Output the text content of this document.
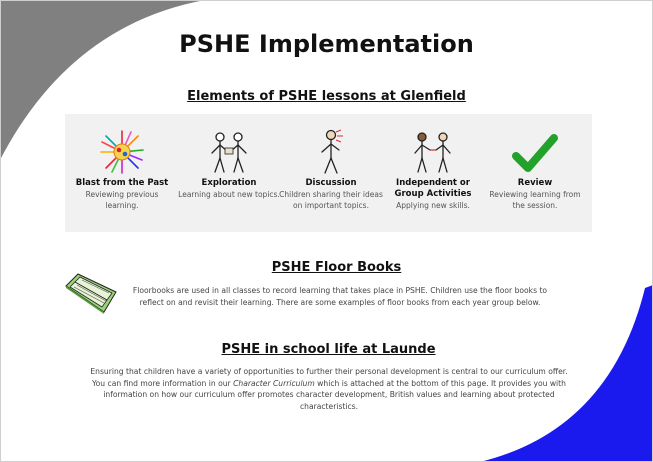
PSHE Implementation
Elements of PSHE lessons at Glenfield
Blast from the Past
Reviewing previous learning.
Exploration
Learning about new topics.
Discussion
Children sharing their ideas on important topics.
Independent or Group Activities
Applying new skills.
Review
Reviewing learning from the session.
PSHE Floor Books
Floorbooks are used in all classes to record learning that takes place in PSHE. Children use the floor books to reflect on and revisit their learning. There are some examples of floor books from each year group below.
PSHE in school life at Launde
Ensuring that children have a variety of opportunities to further their personal development is central to our curriculum offer. You can find more information in our Character Curriculum which is attached at the bottom of this page. It provides you with information on how our curriculum offer promotes character development, British values and learning about protected characteristics.
